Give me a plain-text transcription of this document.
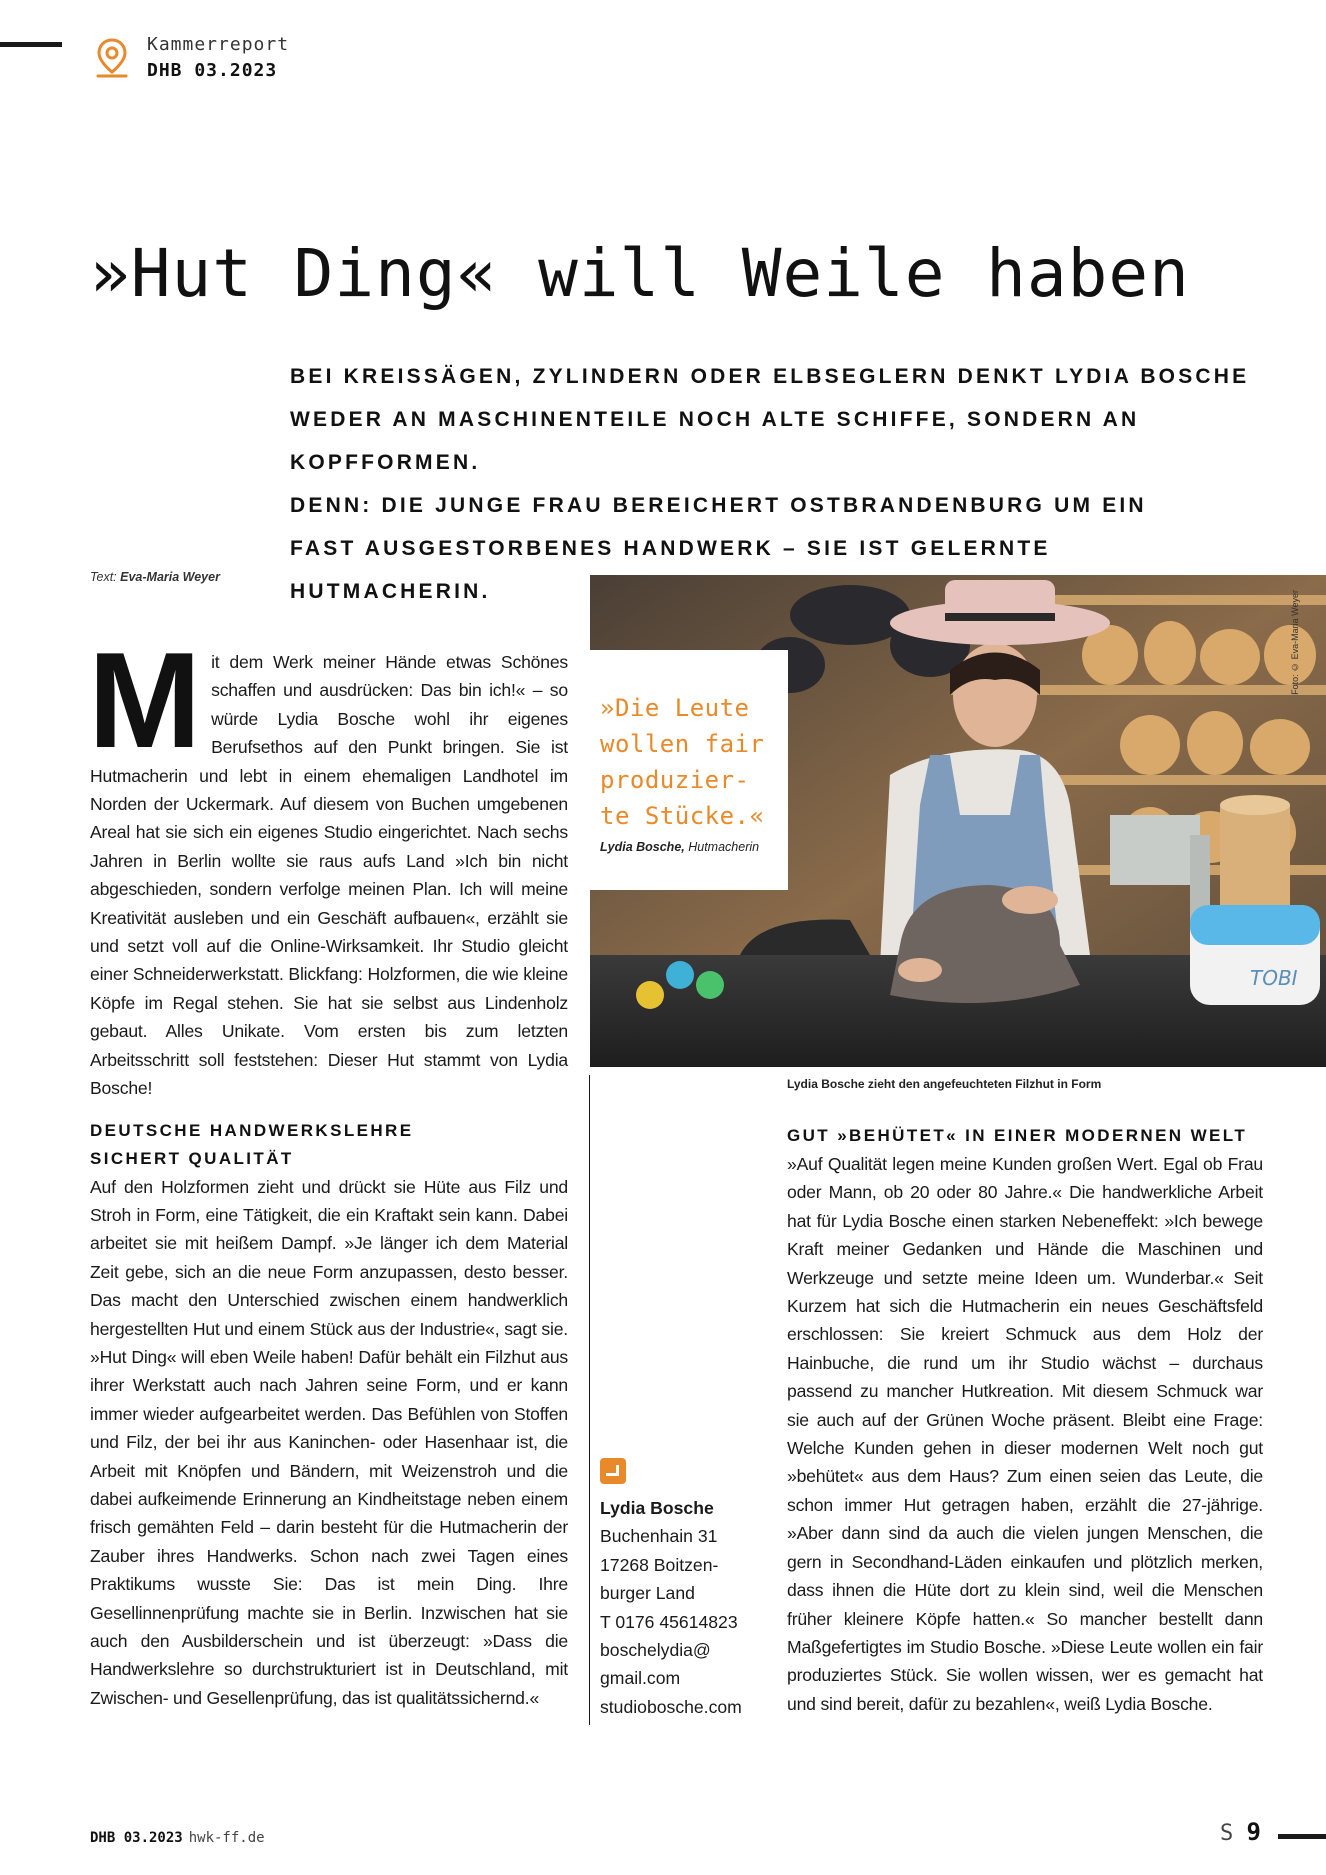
Kammerreport
DHB 03.2023
»Hut Ding« will Weile haben
BEI KREISSÄGEN, ZYLINDERN ODER ELBSEGLERN DENKT LYDIA BOSCHE
WEDER AN MASCHINENTEILE NOCH ALTE SCHIFFE, SONDERN AN KOPFFORMEN.
DENN: DIE JUNGE FRAU BEREICHERT OSTBRANDENBURG UM EIN
FAST AUSGESTORBENES HANDWERK – SIE IST GELERNTE HUTMACHERIN.
Text: Eva-Maria Weyer
M it dem Werk meiner Hände etwas Schönes schaffen und ausdrücken: Das bin ich!« – so würde Lydia Bosche wohl ihr eigenes Berufsethos auf den Punkt bringen. Sie ist Hutmacherin und lebt in einem ehemaligen Landhotel im Norden der Uckermark. Auf diesem von Buchen umgebenen Areal hat sie sich ein eigenes Studio eingerichtet. Nach sechs Jahren in Berlin wollte sie raus aufs Land »Ich bin nicht abgeschieden, sondern verfolge meinen Plan. Ich will meine Kreativität ausleben und ein Geschäft aufbauen«, erzählt sie und setzt voll auf die Online-Wirksamkeit. Ihr Studio gleicht einer Schneiderwerkstatt. Blickfang: Holzformen, die wie kleine Köpfe im Regal stehen. Sie hat sie selbst aus Lindenholz gebaut. Alles Unikate. Vom ersten bis zum letzten Arbeitsschritt soll feststehen: Dieser Hut stammt von Lydia Bosche!
DEUTSCHE HANDWERKSLEHRE
SICHERT QUALITÄT
Auf den Holzformen zieht und drückt sie Hüte aus Filz und Stroh in Form, eine Tätigkeit, die ein Kraftakt sein kann. Dabei arbeitet sie mit heißem Dampf. »Je länger ich dem Material Zeit gebe, sich an die neue Form anzupassen, desto besser. Das macht den Unterschied zwischen einem handwerklich hergestellten Hut und einem Stück aus der Industrie«, sagt sie. »Hut Ding« will eben Weile haben! Dafür behält ein Filzhut aus ihrer Werkstatt auch nach Jahren seine Form, und er kann immer wieder aufgearbeitet werden. Das Befühlen von Stoffen und Filz, der bei ihr aus Kaninchen- oder Hasenhaar ist, die Arbeit mit Knöpfen und Bändern, mit Weizenstroh und die dabei aufkeimende Erinnerung an Kindheitstage neben einem frisch gemähten Feld – darin besteht für die Hutmacherin der Zauber ihres Handwerks. Schon nach zwei Tagen eines Praktikums wusste Sie: Das ist mein Ding. Ihre Gesellinnenprüfung machte sie in Berlin. Inzwischen hat sie auch den Ausbilderschein und ist überzeugt: »Dass die Handwerkslehre so durchstrukturiert ist in Deutschland, mit Zwischen- und Gesellenprüfung, das ist qualitätssichernd.«
TOBI
Foto: © Eva-Maria Weyer
»Die Leute
wollen fair
produzier-
te Stücke.«
Lydia Bosche, Hutmacherin
Lydia Bosche zieht den angefeuchteten Filzhut in Form
Lydia Bosche
Buchenhain 31
17268 Boitzen-
burger Land
T 0176 45614823
boschelydia@
gmail.com
studiobosche.com
GUT »BEHÜTET« IN EINER MODERNEN WELT
»Auf Qualität legen meine Kunden großen Wert. Egal ob Frau oder Mann, ob 20 oder 80 Jahre.« Die handwerkliche Arbeit hat für Lydia Bosche einen starken Nebeneffekt: »Ich bewege Kraft meiner Gedanken und Hände die Maschinen und Werkzeuge und setzte meine Ideen um. Wunderbar.« Seit Kurzem hat sich die Hutmacherin ein neues Geschäftsfeld erschlossen: Sie kreiert Schmuck aus dem Holz der Hainbuche, die rund um ihr Studio wächst – durchaus passend zu mancher Hutkreation. Mit diesem Schmuck war sie auch auf der Grünen Woche präsent. Bleibt eine Frage: Welche Kunden gehen in dieser modernen Welt noch gut »behütet« aus dem Haus? Zum einen seien das Leute, die schon immer Hut getragen haben, erzählt die 27-jährige. »Aber dann sind da auch die vielen jungen Menschen, die gern in Secondhand-Läden einkaufen und plötzlich merken, dass ihnen die Hüte dort zu klein sind, weil die Menschen früher kleinere Köpfe hatten.« So mancher bestellt dann Maßgefertigtes im Studio Bosche. »Diese Leute wollen ein fair produziertes Stück. Sie wollen wissen, wer es gemacht hat und sind bereit, dafür zu bezahlen«, weiß Lydia Bosche.
DHB 03.2023 hwk-ff.de	S 9
